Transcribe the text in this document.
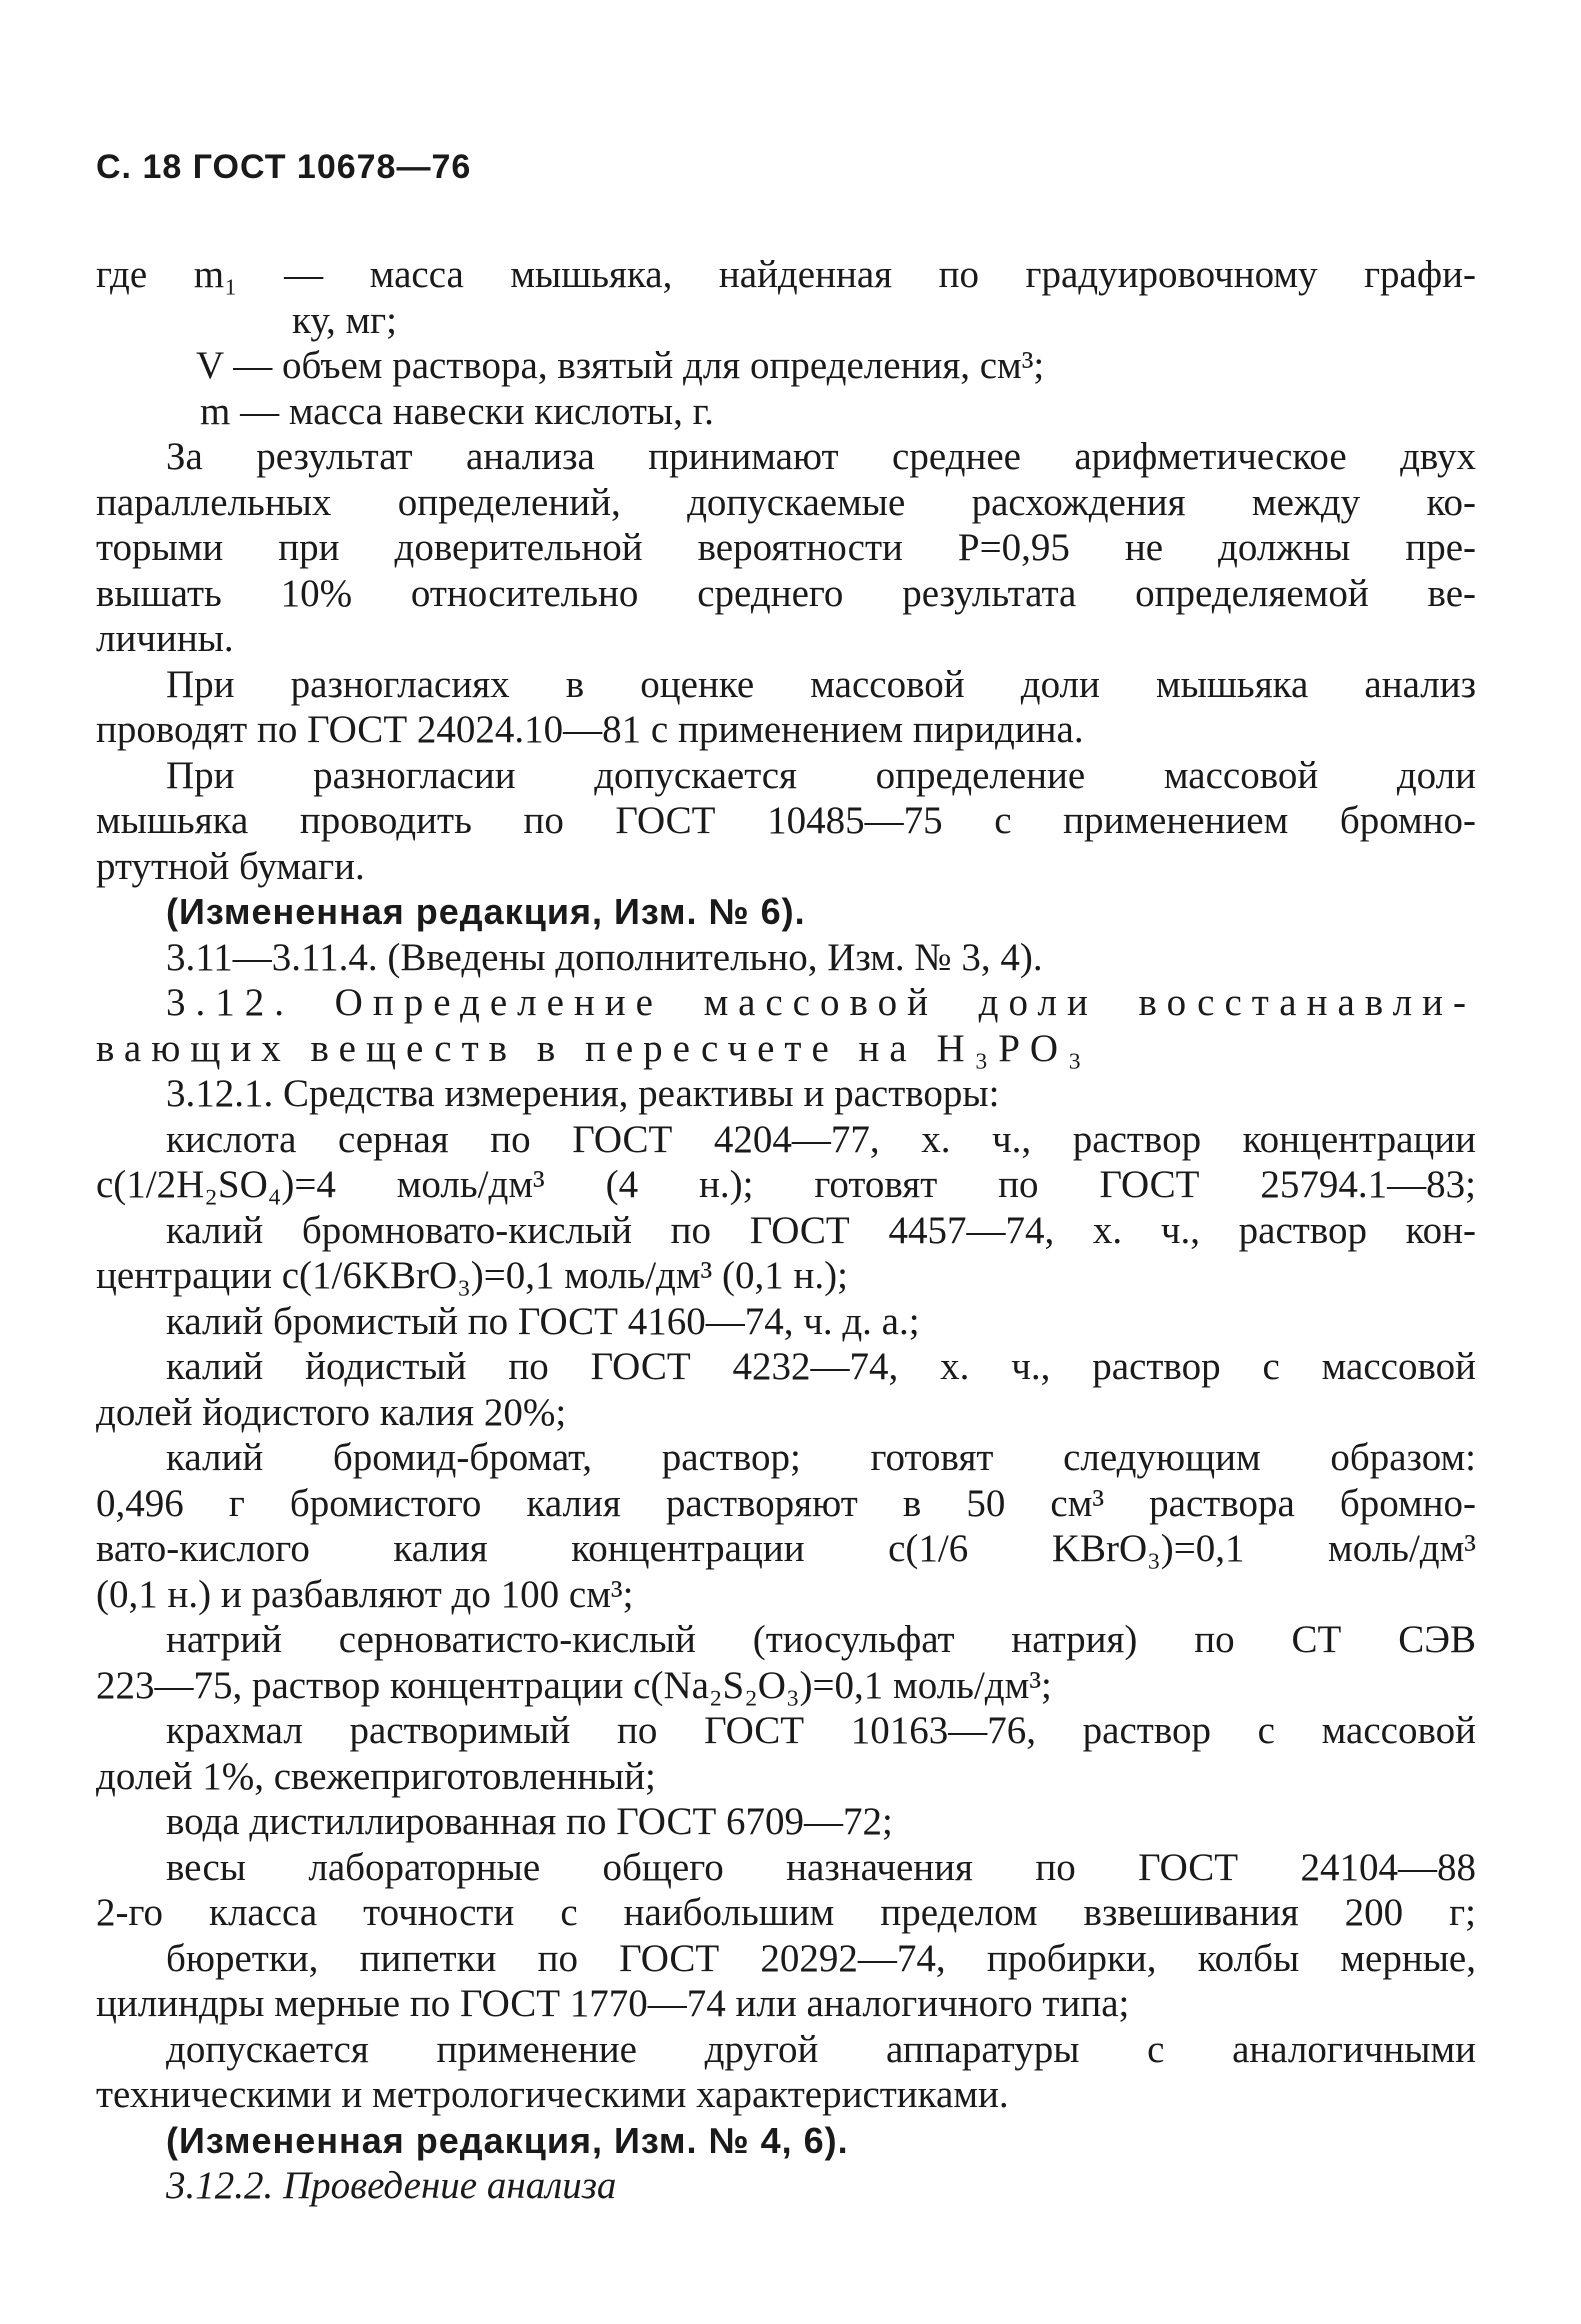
С. 18 ГОСТ 10678—76
где m₁ — масса мышьяка, найденная по градуировочному графи-
ку, мг;
V — объем раствора, взятый для определения, см³;
m — масса навески кислоты, г.
За результат анализа принимают среднее арифметическое двух
параллельных определений, допускаемые расхождения между ко-
торыми при доверительной вероятности P=0,95 не должны пре-
вышать 10% относительно среднего результата определяемой ве-
личины.
При разногласиях в оценке массовой доли мышьяка анализ
проводят по ГОСТ 24024.10—81 с применением пиридина.
При разногласии допускается определение массовой доли
мышьяка проводить по ГОСТ 10485—75 с применением бромно-
ртутной бумаги.
(Измененная редакция, Изм. № 6).
3.11—3.11.4. (Введены дополнительно, Изм. № 3, 4).
3.12. Определение массовой доли восстанавли-
вающих веществ в пересчете на H₃PO₃
3.12.1. Средства измерения, реактивы и растворы:
кислота серная по ГОСТ 4204—77, х. ч., раствор концентрации
c(1/2H₂SO₄)=4 моль/дм³ (4 н.); готовят по ГОСТ 25794.1—83;
калий бромновато-кислый по ГОСТ 4457—74, х. ч., раствор кон-
центрации c(1/6KBrO₃)=0,1 моль/дм³ (0,1 н.);
калий бромистый по ГОСТ 4160—74, ч. д. а.;
калий йодистый по ГОСТ 4232—74, х. ч., раствор с массовой
долей йодистого калия 20%;
калий бромид-бромат, раствор; готовят следующим образом:
0,496 г бромистого калия растворяют в 50 см³ раствора бромно-
вато-кислого калия концентрации c(1/6 KBrO₃)=0,1 моль/дм³
(0,1 н.) и разбавляют до 100 см³;
натрий серноватисто-кислый (тиосульфат натрия) по СТ СЭВ
223—75, раствор концентрации c(Na₂S₂O₃)=0,1 моль/дм³;
крахмал растворимый по ГОСТ 10163—76, раствор с массовой
долей 1%, свежеприготовленный;
вода дистиллированная по ГОСТ 6709—72;
весы лабораторные общего назначения по ГОСТ 24104—88
2-го класса точности с наибольшим пределом взвешивания 200 г;
бюретки, пипетки по ГОСТ 20292—74, пробирки, колбы мерные,
цилиндры мерные по ГОСТ 1770—74 или аналогичного типа;
допускается применение другой аппаратуры с аналогичными
техническими и метрологическими характеристиками.
(Измененная редакция, Изм. № 4, 6).
3.12.2. Проведение анализа
